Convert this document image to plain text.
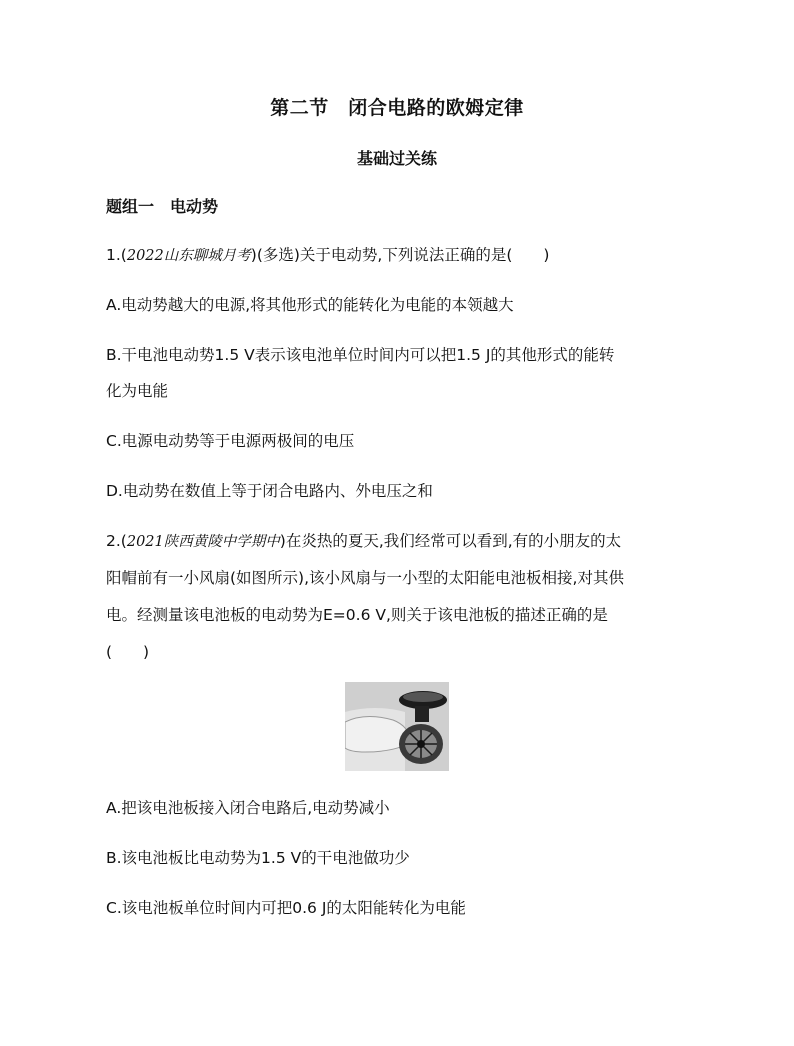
第二节　闭合电路的欧姆定律
基础过关练
题组一　电动势
1.(2022山东聊城月考)(多选)关于电动势,下列说法正确的是(　　)
A.电动势越大的电源,将其他形式的能转化为电能的本领越大
B.干电池电动势1.5 V表示该电池单位时间内可以把1.5 J的其他形式的能转
化为电能
C.电源电动势等于电源两极间的电压
D.电动势在数值上等于闭合电路内、外电压之和
2.(2021陕西黄陵中学期中)在炎热的夏天,我们经常可以看到,有的小朋友的太
阳帽前有一小风扇(如图所示),该小风扇与一小型的太阳能电池板相接,对其供
电。经测量该电池板的电动势为E=0.6 V,则关于该电池板的描述正确的是
(　　)
A.把该电池板接入闭合电路后,电动势减小
B.该电池板比电动势为1.5 V的干电池做功少
C.该电池板单位时间内可把0.6 J的太阳能转化为电能
